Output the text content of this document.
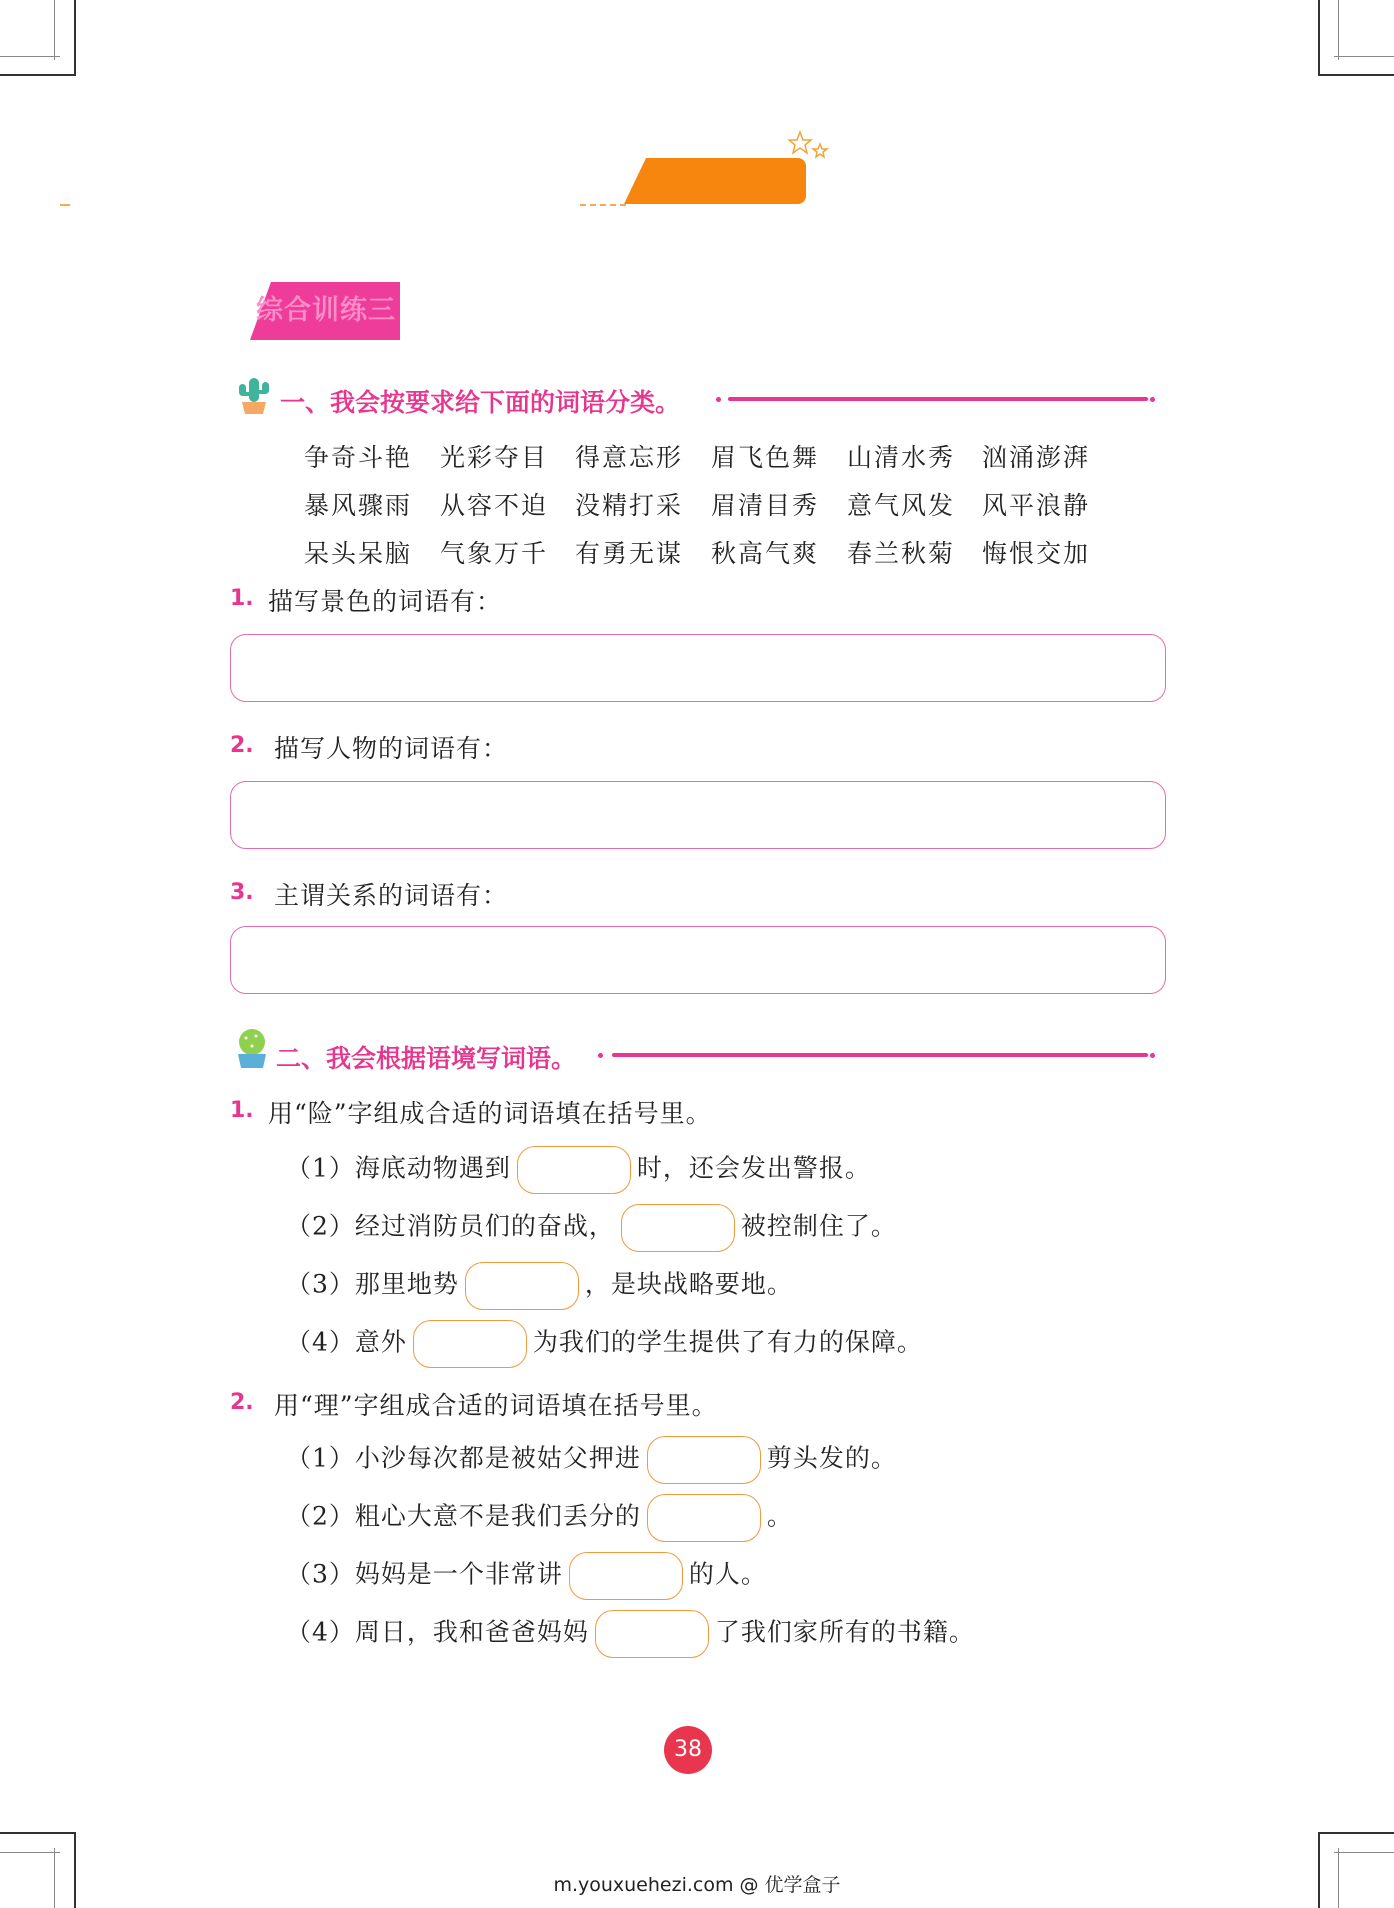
综合训练三
一、我会按要求给下面的词语分类。
争奇斗艳 光彩夺目 得意忘形 眉飞色舞 山清水秀 汹涌澎湃
暴风骤雨 从容不迫 没精打采 眉清目秀 意气风发 风平浪静
呆头呆脑 气象万千 有勇无谋 秋高气爽 春兰秋菊 悔恨交加
1. 描写景色的词语有：
2. 描写人物的词语有：
3. 主谓关系的词语有：
二、我会根据语境写词语。
1. 用“险”字组成合适的词语填在括号里。
（1）海底动物遇到	时，还会发出警报。
（2）经过消防员们的奋战，	被控制住了。
（3）那里地势	，是块战略要地。
（4）意外	为我们的学生提供了有力的保障。
2. 用“理”字组成合适的词语填在括号里。
（1）小沙每次都是被姑父押进	剪头发的。
（2）粗心大意不是我们丢分的	。
（3）妈妈是一个非常讲	的人。
（4）周日，我和爸爸妈妈	了我们家所有的书籍。
38
m.youxuehezi.com @ 优学盒子
